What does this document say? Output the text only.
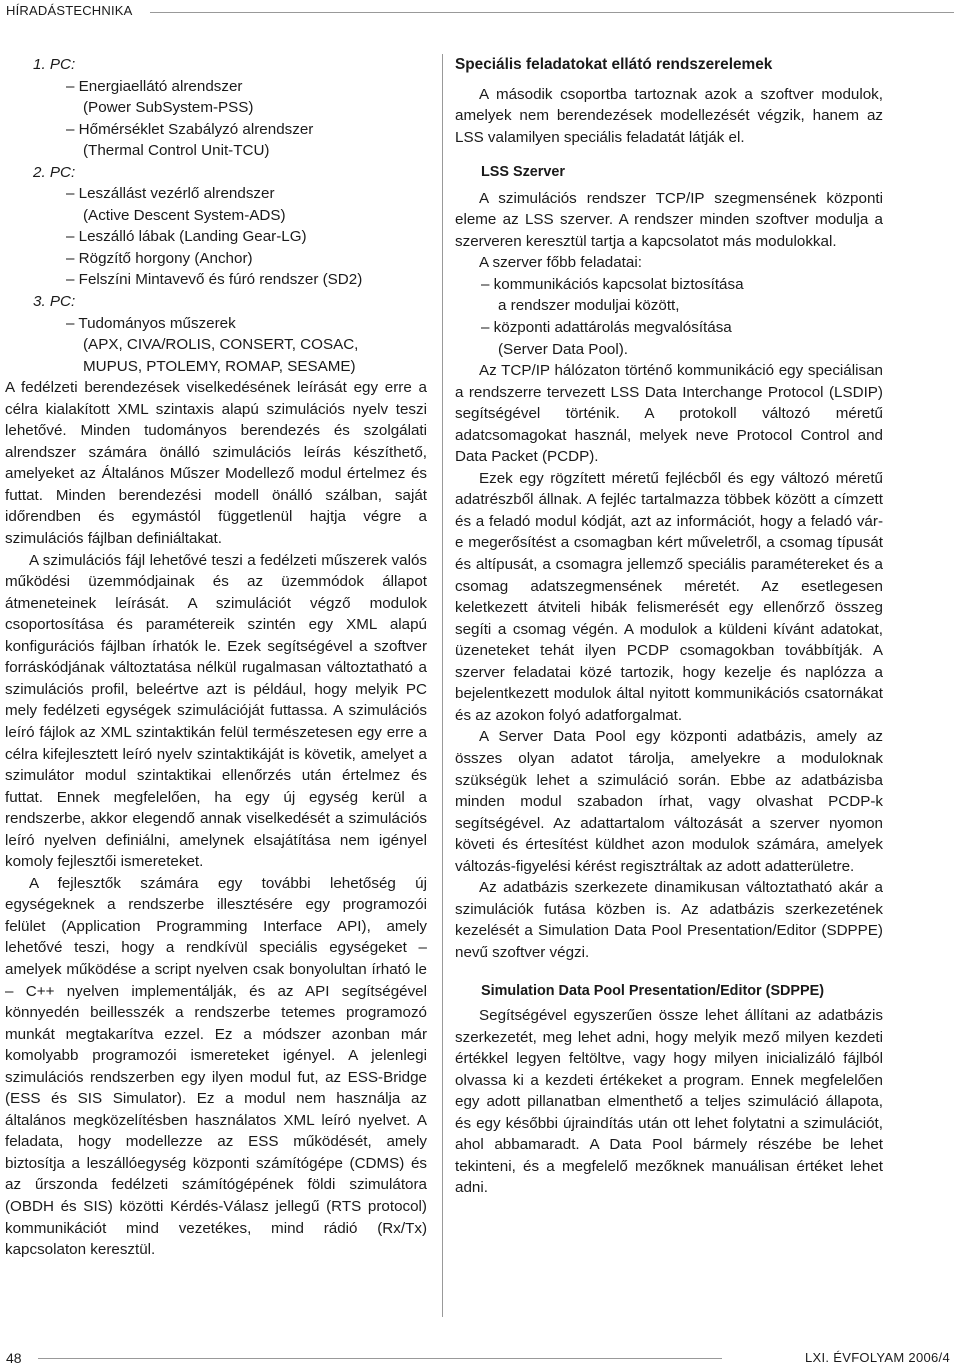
HÍRADÁSTECHNIKA
1. PC:
– Energiaellátó alrendszer
(Power SubSystem-PSS)
– Hőmérséklet Szabályzó alrendszer
(Thermal Control Unit-TCU)
2. PC:
– Leszállást vezérlő alrendszer
(Active Descent System-ADS)
– Leszálló lábak (Landing Gear-LG)
– Rögzítő horgony (Anchor)
– Felszíni Mintavevő és fúró rendszer (SD2)
3. PC:
– Tudományos műszerek
(APX, CIVA/ROLIS, CONSERT, COSAC,
MUPUS, PTOLEMY, ROMAP, SESAME)

A fedélzeti berendezések viselkedésének leírását egy erre a célra kialakított XML szintaxis alapú szimulációs nyelv teszi lehetővé. Minden tudományos berendezés és szolgálati alrendszer számára önálló szimulációs leírás készíthető, amelyeket az Általános Műszer Modellező modul értelmez és futtat. Minden berendezési modell önálló szálban, saját időrendben és egymástól függetlenül hajtja végre a szimulációs fájlban definiáltakat.

A szimulációs fájl lehetővé teszi a fedélzeti műszerek valós működési üzemmódjainak és az üzemmódok állapot átmeneteinek leírását. A szimulációt végző modulok csoportosítása és paramétereik szintén egy XML alapú konfigurációs fájlban írhatók le. Ezek segítségével a szoftver forráskódjának változtatása nélkül rugalmasan változtatható a szimulációs profil, beleértve azt is például, hogy melyik PC mely fedélzeti egységek szimulációját futtassa. A szimulációs leíró fájlok az XML szintaktikán felül természetesen egy erre a célra kifejlesztett leíró nyelv szintaktikáját is követik, amelyet a szimulátor modul szintaktikai ellenőrzés után értelmez és futtat. Ennek megfelelően, ha egy új egység kerül a rendszerbe, akkor elegendő annak viselkedését a szimulációs leíró nyelven definiálni, amelynek elsajátítása nem igényel komoly fejlesztői ismereteket.

A fejlesztők számára egy további lehetőség új egységeknek a rendszerbe illesztésére egy programozói felület (Application Programming Interface API), amely lehetővé teszi, hogy a rendkívül speciális egységeket – amelyek működése a script nyelven csak bonyolultan írható le – C++ nyelven implementálják, és az API segítségével könnyedén beillesszék a rendszerbe tetemes programozó munkát megtakarítva ezzel. Ez a módszer azonban már komolyabb programozói ismereteket igényel. A jelenlegi szimulációs rendszerben egy ilyen modul fut, az ESS-Bridge (ESS és SIS Simulator). Ez a modul nem használja az általános megközelítésben használatos XML leíró nyelvet. A feladata, hogy modellezze az ESS működését, amely biztosítja a leszállóegység központi számítógépe (CDMS) és az űrszonda fedélzeti számítógépének földi szimulátora (OBDH és SIS) közötti Kérdés-Válasz jellegű (RTS protocol) kommunikációt mind vezetékes, mind rádió (Rx/Tx) kapcsolaton keresztül.

Speciális feladatokat ellátó rendszerelemek

A második csoportba tartoznak azok a szoftver modulok, amelyek nem berendezések modellezését végzik, hanem az LSS valamilyen speciális feladatát látják el.

LSS Szerver

A szimulációs rendszer TCP/IP szegmensének központi eleme az LSS szerver. A rendszer minden szoftver modulja a szerveren keresztül tartja a kapcsolatot más modulokkal.

A szerver főbb feladatai:

– kommunikációs kapcsolat biztosítása
a rendszer moduljai között,
– központi adattárolás megvalósítása
(Server Data Pool).

Az TCP/IP hálózaton történő kommunikáció egy speciálisan a rendszerre tervezett LSS Data Interchange Protocol (LSDIP) segítségével történik. A protokoll változó méretű adatcsomagokat használ, melyek neve Protocol Control and Data Packet (PCDP).

Ezek egy rögzített méretű fejlécből és egy változó méretű adatrészből állnak. A fejléc tartalmazza többek között a címzett és a feladó modul kódját, azt az információt, hogy a feladó vár-e megerősítést a csomagban kért műveletről, a csomag típusát és altípusát, a csomagra jellemző speciális paramétereket és a csomag adatszegmensének méretét. Az esetlegesen keletkezett átviteli hibák felismerését egy ellenőrző összeg segíti a csomag végén. A modulok a küldeni kívánt adatokat, üzeneteket tehát ilyen PCDP csomagokban továbbítják. A szerver feladatai közé tartozik, hogy kezelje és naplózza a bejelentkezett modulok által nyitott kommunikációs csatornákat és az azokon folyó adatforgalmat.

A Server Data Pool egy központi adatbázis, amely az összes olyan adatot tárolja, amelyekre a moduloknak szükségük lehet a szimuláció során. Ebbe az adatbázisba minden modul szabadon írhat, vagy olvashat PCDP-k segítségével. Az adattartalom változását a szerver nyomon követi és értesítést küldhet azon modulok számára, amelyek változás-figyelési kérést regisztráltak az adott adatterületre.

Az adatbázis szerkezete dinamikusan változtatható akár a szimulációk futása közben is. Az adatbázis szerkezetének kezelését a Simulation Data Pool Presentation/Editor (SDPPE) nevű szoftver végzi.

Simulation Data Pool Presentation/Editor (SDPPE)

Segítségével egyszerűen össze lehet állítani az adatbázis szerkezetét, meg lehet adni, hogy melyik mező milyen kezdeti értékkel legyen feltöltve, vagy hogy milyen inicializáló fájlból olvassa ki a kezdeti értékeket a program. Ennek megfelelően egy adott pillanatban elmenthető a teljes szimuláció állapota, és egy későbbi újraindítás után ott lehet folytatni a szimulációt, ahol abbamaradt. A Data Pool bármely részébe be lehet tekinteni, és a megfelelő mezőknek manuálisan értéket lehet adni.

48	LXI. ÉVFOLYAM 2006/4
